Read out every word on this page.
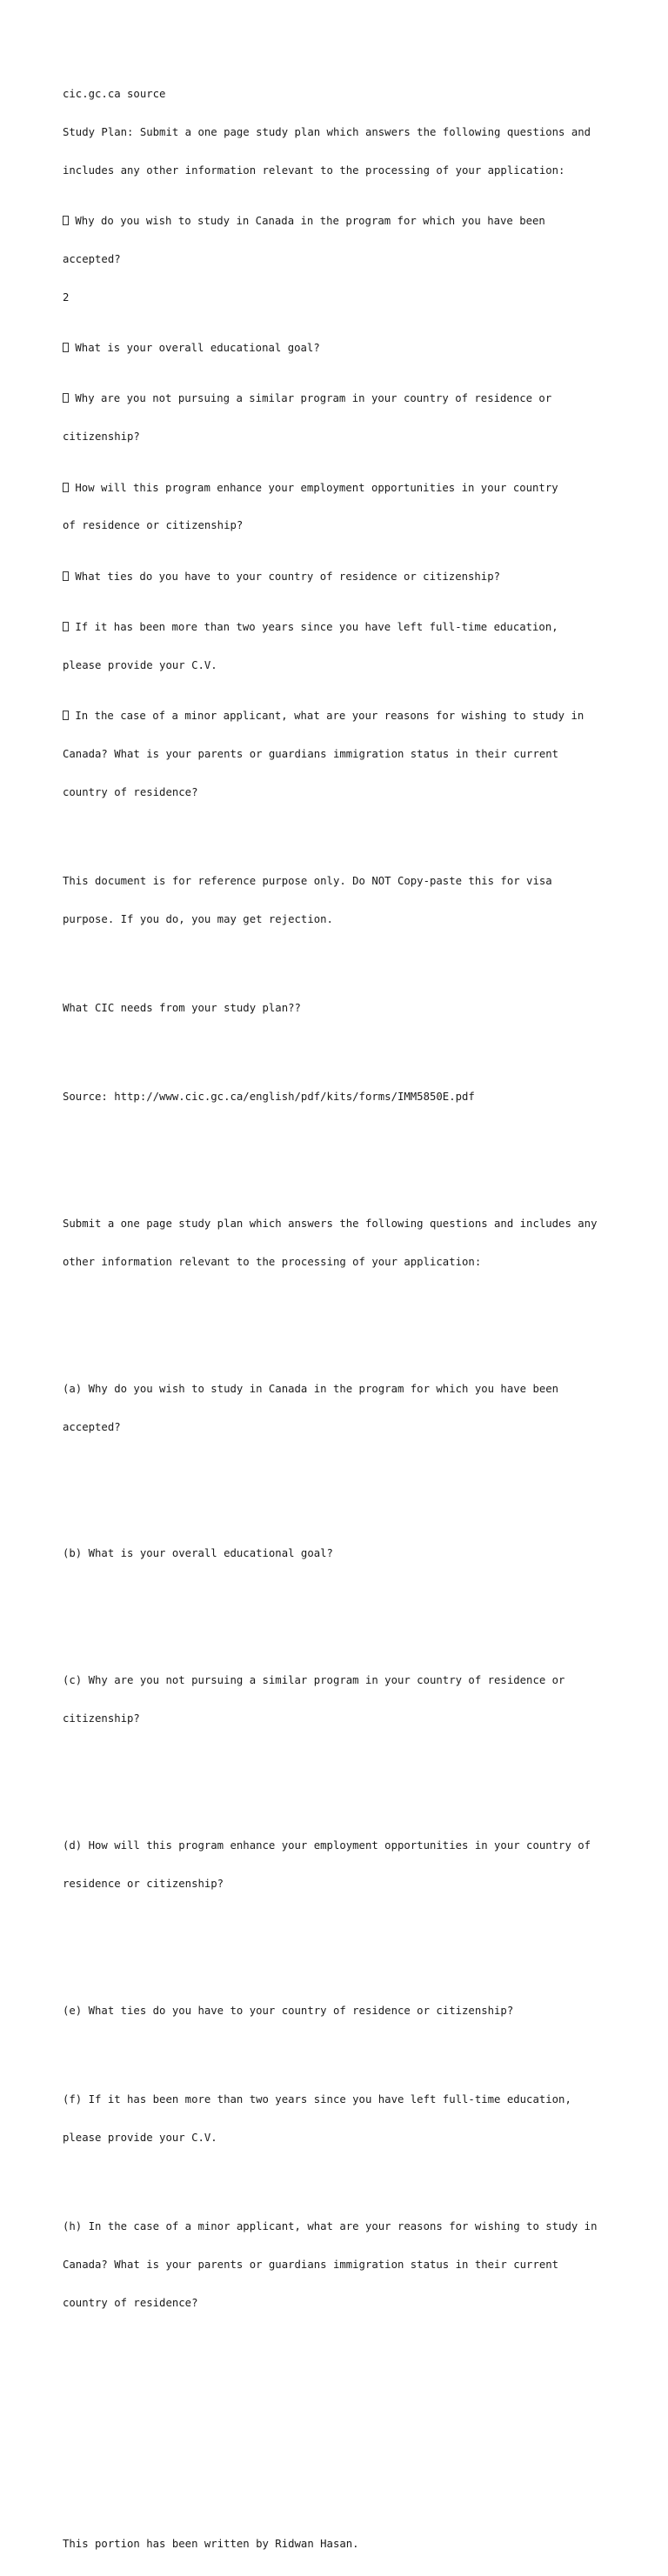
cic.gc.ca source

Study Plan: Submit a one page study plan which answers the following questions and

includes any other information relevant to the processing of your application:

Why do you wish to study in Canada in the program for which you have been

accepted?

2

What is your overall educational goal?

Why are you not pursuing a similar program in your country of residence or

citizenship?

How will this program enhance your employment opportunities in your country

of residence or citizenship?

What ties do you have to your country of residence or citizenship?

If it has been more than two years since you have left full-time education,

please provide your C.V.

In the case of a minor applicant, what are your reasons for wishing to study in

Canada? What is your parents or guardians immigration status in their current

country of residence?

This document is for reference purpose only. Do NOT Copy-paste this for visa

purpose. If you do, you may get rejection.

What CIC needs from your study plan??

Source: http://www.cic.gc.ca/english/pdf/kits/forms/IMM5850E.pdf

Submit a one page study plan which answers the following questions and includes any

other information relevant to the processing of your application:

(a) Why do you wish to study in Canada in the program for which you have been

accepted?

(b) What is your overall educational goal?

(c) Why are you not pursuing a similar program in your country of residence or

citizenship?

(d) How will this program enhance your employment opportunities in your country of

residence or citizenship?

(e) What ties do you have to your country of residence or citizenship?

(f) If it has been more than two years since you have left full-time education,

please provide your C.V.

(h) In the case of a minor applicant, what are your reasons for wishing to study in

Canada? What is your parents or guardians immigration status in their current

country of residence?

This portion has been written by Ridwan Hasan.
